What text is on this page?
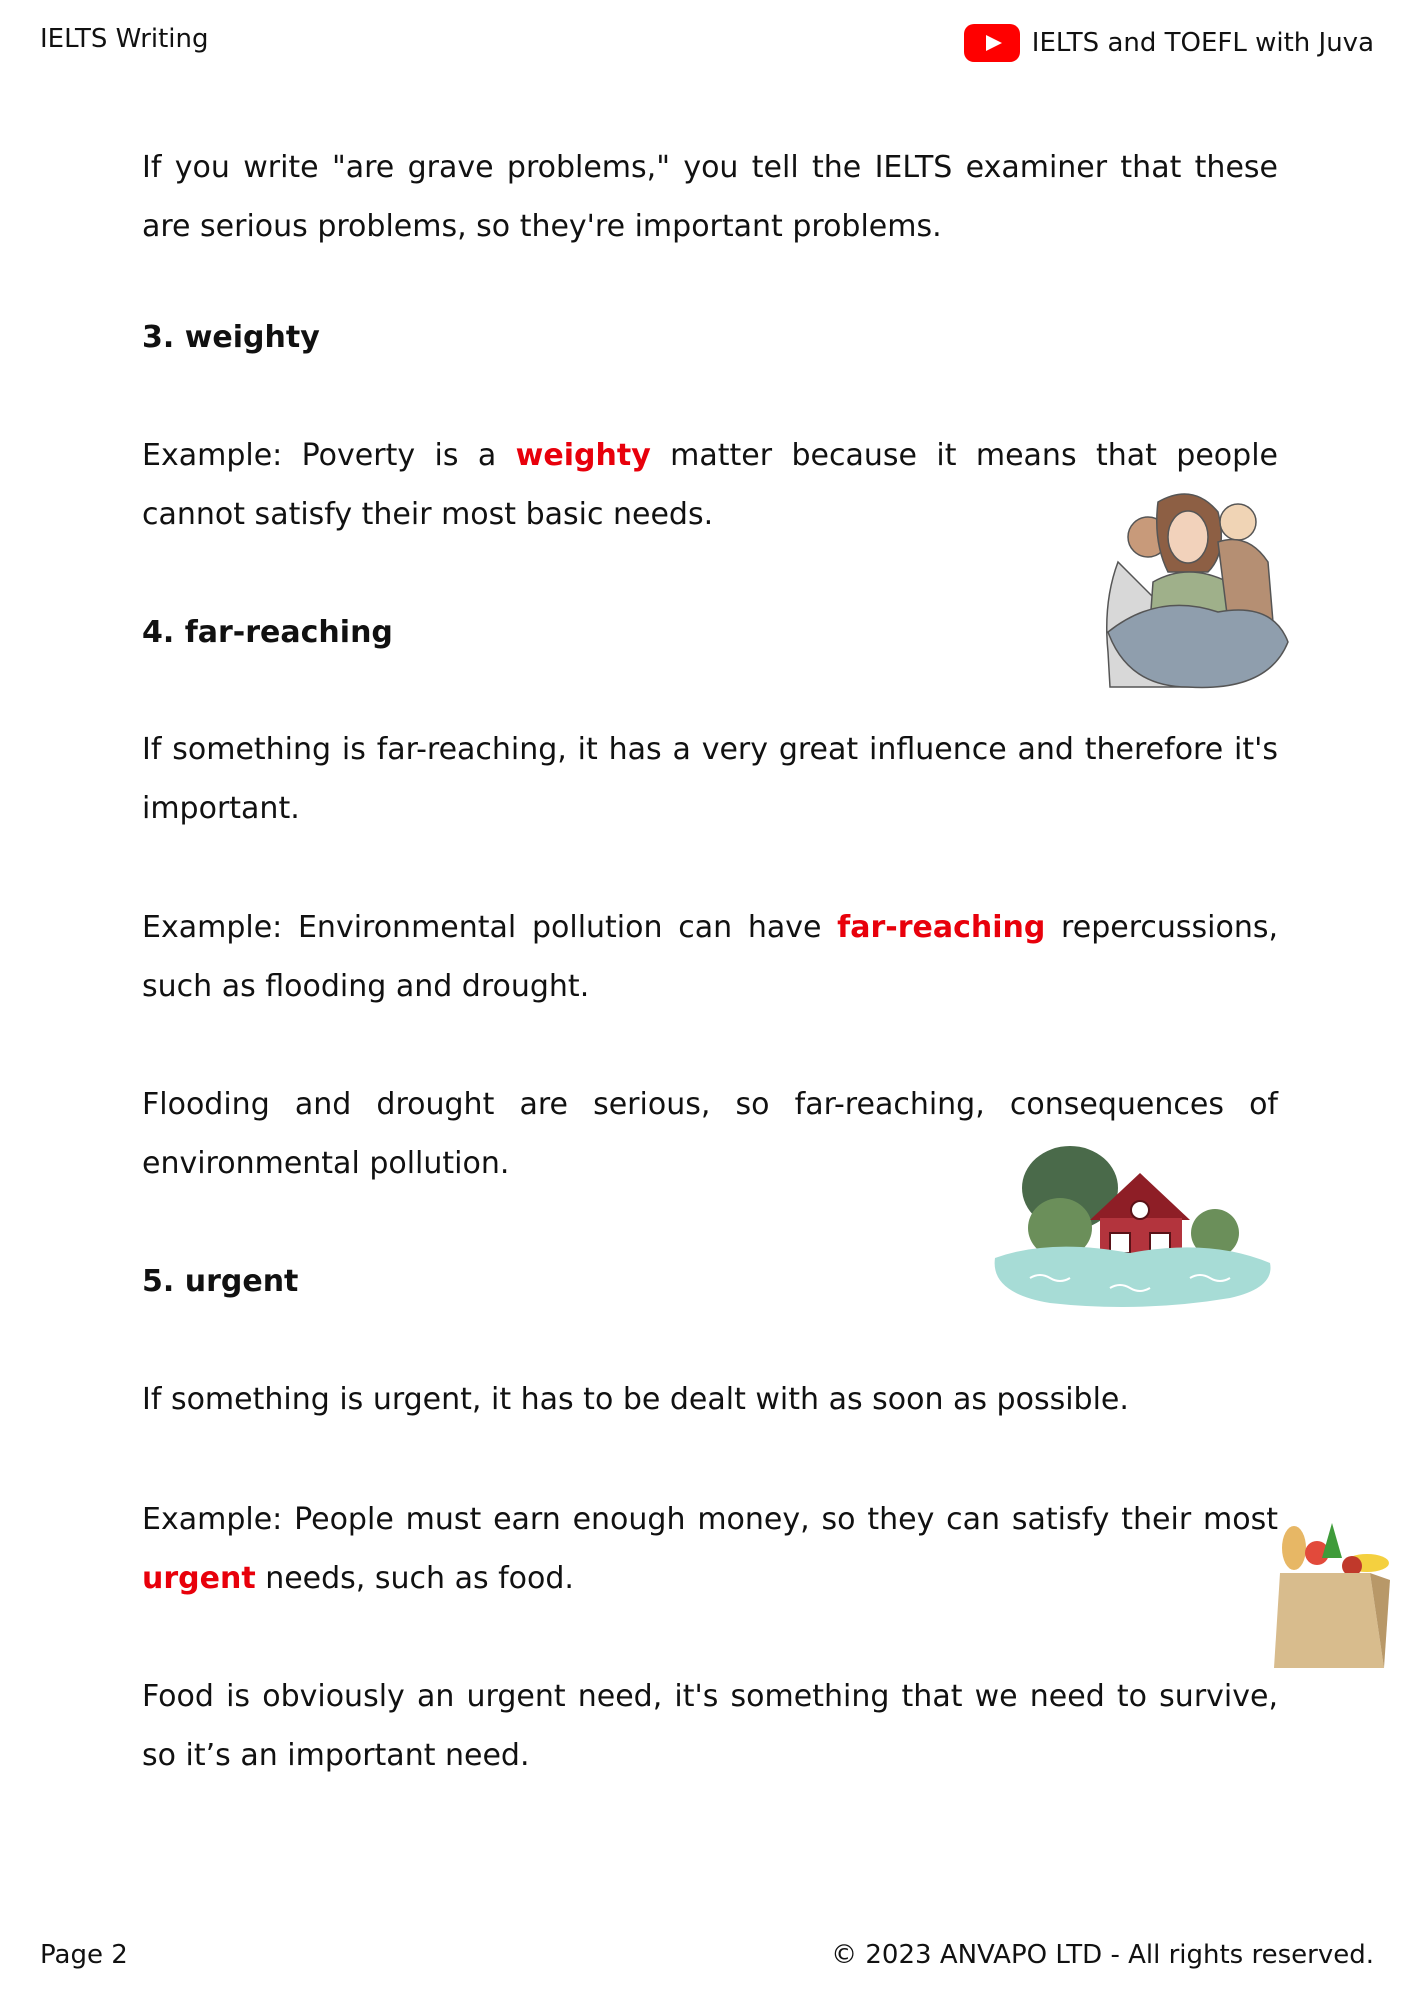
IELTS Writing	IELTS and TOEFL with Juva

If you write "are grave problems," you tell the IELTS examiner that these are serious problems, so they're important problems.

3. weighty

Example: Poverty is a weighty matter because it means that people cannot satisfy their most basic needs.

4. far-reaching

If something is far-reaching, it has a very great influence and therefore it's important.

Example: Environmental pollution can have far-reaching repercussions, such as flooding and drought.

Flooding and drought are serious, so far-reaching, consequences of environmental pollution.

5. urgent

If something is urgent, it has to be dealt with as soon as possible.

Example: People must earn enough money, so they can satisfy their most urgent needs, such as food.

Food is obviously an urgent need, it's something that we need to survive, so it’s an important need.

Page 2	© 2023 ANVAPO LTD - All rights reserved.
